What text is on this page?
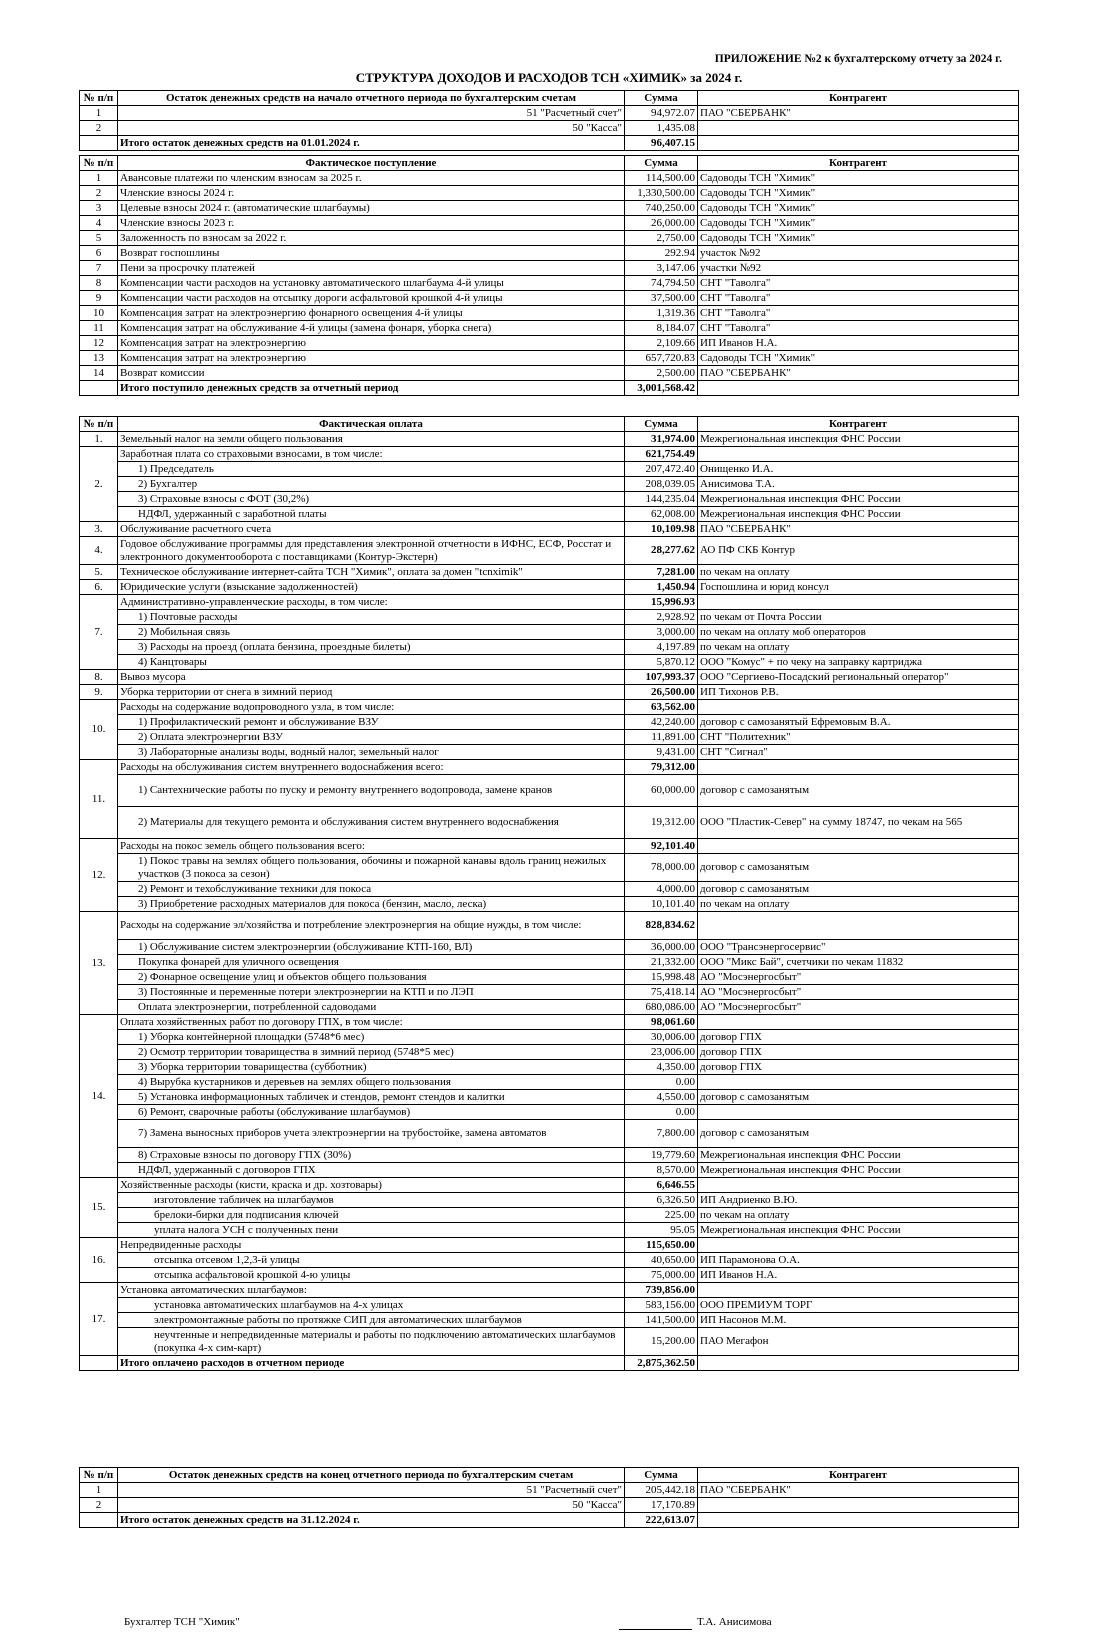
ПРИЛОЖЕНИЕ №2 к бухгалтерскому отчету за 2024 г.
СТРУКТУРА ДОХОДОВ И РАСХОДОВ ТСН «ХИМИК» за 2024 г.
№ п/п	Остаток денежных средств на начало отчетного периода по бухгалтерским счетам	Сумма	Контрагент
1	51 "Расчетный счет"	94,972.07	ПАО "СБЕРБАНК"
2	50 "Касса"	1,435.08	
	Итого остаток денежных средств на 01.01.2024 г.	96,407.15	
№ п/п	Фактическое поступление	Сумма	Контрагент
1	Авансовые платежи по членским взносам за 2025 г.	114,500.00	Садоводы ТСН "Химик"
2	Членские взносы 2024 г.	1,330,500.00	Садоводы ТСН "Химик"
3	Целевые взносы 2024 г. (автоматические шлагбаумы)	740,250.00	Садоводы ТСН "Химик"
4	Членские взносы 2023 г.	26,000.00	Садоводы ТСН "Химик"
5	Заложенность по взносам за 2022 г.	2,750.00	Садоводы ТСН "Химик"
6	Возврат госпошлины	292.94	участок №92
7	Пени за просрочку платежей	3,147.06	участки №92
8	Компенсации части расходов на установку автоматического шлагбаума 4-й улицы	74,794.50	СНТ "Таволга"
9	Компенсации части расходов на отсыпку дороги асфальтовой крошкой 4-й улицы	37,500.00	СНТ "Таволга"
10	Компенсация затрат на электроэнергию фонарного освещения 4-й улицы	1,319.36	СНТ "Таволга"
11	Компенсация затрат на обслуживание 4-й улицы (замена фонаря, уборка снега)	8,184.07	СНТ "Таволга"
12	Компенсация затрат на электроэнергию	2,109.66	ИП Иванов Н.А.
13	Компенсация затрат на электроэнергию	657,720.83	Садоводы ТСН "Химик"
14	Возврат комиссии	2,500.00	ПАО "СБЕРБАНК"
	Итого поступило денежных средств за отчетный период	3,001,568.42	
№ п/п	Фактическая оплата	Сумма	Контрагент
1.	Земельный налог на земли общего пользования	31,974.00	Межрегиональная инспекция ФНС России
2.	Заработная плата со страховыми взносами, в том числе:	621,754.49	
	1) Председатель	207,472.40	Онищенко И.А.
	2) Бухгалтер	208,039.05	Анисимова Т.А.
	3) Страховые взносы с ФОТ (30,2%)	144,235.04	Межрегиональная инспекция ФНС России
	НДФЛ, удержанный с заработной платы	62,008.00	Межрегиональная инспекция ФНС России
3.	Обслуживание расчетного счета	10,109.98	ПАО "СБЕРБАНК"
4.	Годовое обслуживание программы для представления электронной отчетности в ИФНС, ЕСФ, Росстат и электронного документооборота с поставщиками (Контур-Экстерн)	28,277.62	АО ПФ СКБ Контур
5.	Техническое обслуживание интернет-сайта ТСН "Химик", оплата за домен "tcnximik"	7,281.00	по чекам на оплату
6.	Юридические услуги (взыскание задолженностей)	1,450.94	Госпошлина и юрид консул
7.	Административно-управленческие расходы, в том числе:	15,996.93	
	1) Почтовые расходы	2,928.92	по чекам от Почта России
	2) Мобильная связь	3,000.00	по чекам на оплату моб операторов
	3) Расходы на проезд (оплата бензина, проездные билеты)	4,197.89	по чекам на оплату
	4) Канцтовары	5,870.12	ООО "Комус" + по чеку на заправку картриджа
8.	Вывоз мусора	107,993.37	ООО "Сергиево-Посадский региональный оператор"
9.	Уборка территории от снега в зимний период	26,500.00	ИП Тихонов Р.В.
10.	Расходы на содержание водопроводного узла, в том числе:	63,562.00	
	1) Профилактический ремонт и обслуживание ВЗУ	42,240.00	договор с самозанятый Ефремовым В.А.
	2) Оплата электроэнергии ВЗУ	11,891.00	СНТ "Политехник"
	3) Лабораторные анализы воды, водный налог, земельный налог	9,431.00	СНТ "Сигнал"
11.	Расходы на обслуживания систем внутреннего водоснабжения всего:	79,312.00	
	1) Сантехнические работы по пуску и ремонту внутреннего водопровода, замене кранов	60,000.00	договор с самозанятым
	2) Материалы для текущего ремонта и обслуживания систем внутреннего водоснабжения	19,312.00	ООО "Пластик-Север" на сумму 18747, по чекам на 565
12.	Расходы на покос земель общего пользования всего:	92,101.40	
	1) Покос травы на землях общего пользования, обочины и пожарной канавы вдоль границ нежилых участков (3 покоса за сезон)	78,000.00	договор с самозанятым
	2) Ремонт и техобслуживание техники для покоса	4,000.00	договор с самозанятым
	3) Приобретение расходных материалов для покоса (бензин, масло, леска)	10,101.40	по чекам на оплату
13.	Расходы на содержание эл/хозяйства и потребление электроэнергия на общие нужды, в том числе:	828,834.62	
	1) Обслуживание систем электроэнергии (обслуживание КТП-160, ВЛ)	36,000.00	ООО "Трансэнергосервис"
	Покупка фонарей для уличного освещения	21,332.00	ООО "Микс Бай", счетчики по чекам 11832
	2) Фонарное освещение улиц и объектов общего пользования	15,998.48	АО "Мосэнергосбыт"
	3) Постоянные и переменные потери электроэнергии на КТП и по ЛЭП	75,418.14	АО "Мосэнергосбыт"
	Оплата электроэнергии, потребленной садоводами	680,086.00	АО "Мосэнергосбыт"
14.	Оплата хозяйственных работ по договору ГПХ, в том числе:	98,061.60	
	1) Уборка контейнерной площадки (5748*6 мес)	30,006.00	договор ГПХ
	2) Осмотр территории товарищества в зимний период (5748*5 мес)	23,006.00	договор ГПХ
	3) Уборка территории товарищества (субботник)	4,350.00	договор ГПХ
	4) Вырубка кустарников и деревьев на землях общего пользования	0.00	
	5) Установка информационных табличек и стендов, ремонт стендов и калитки	4,550.00	договор с самозанятым
	6) Ремонт, сварочные работы (обслуживание шлагбаумов)	0.00	
	7) Замена выносных приборов учета электроэнергии на трубостойке, замена автоматов	7,800.00	договор с самозанятым
	8) Страховые взносы по договору ГПХ (30%)	19,779.60	Межрегиональная инспекция ФНС России
	НДФЛ, удержанный с договоров ГПХ	8,570.00	Межрегиональная инспекция ФНС России
15.	Хозяйственные расходы (кисти, краска и др. хозтовары)	6,646.55	
	изготовление табличек на шлагбаумов	6,326.50	ИП Андриенко В.Ю.
	брелоки-бирки для подписания ключей	225.00	по чекам на оплату
	уплата налога УСН с полученных пени	95.05	Межрегиональная инспекция ФНС России
16.	Непредвиденные расходы	115,650.00	
	отсыпка отсевом 1,2,3-й улицы	40,650.00	ИП Парамонова О.А.
	отсыпка асфальтовой крошкой 4-ю улицы	75,000.00	ИП Иванов Н.А.
17.	Установка автоматических шлагбаумов:	739,856.00	
	установка автоматических шлагбаумов на 4-х улицах	583,156.00	ООО ПРЕМИУМ ТОРГ
	электромонтажные работы по протяжке СИП для автоматических шлагбаумов	141,500.00	ИП Насонов М.М.
	неучтенные и непредвиденные материалы и работы по подключению автоматических шлагбаумов (покупка 4-х сим-карт)	15,200.00	ПАО Мегафон
	Итого оплачено расходов в отчетном периоде	2,875,362.50	
№ п/п	Остаток денежных средств на конец отчетного периода по бухгалтерским счетам	Сумма	Контрагент
1	51 "Расчетный счет"	205,442.18	ПАО "СБЕРБАНК"
2	50 "Касса"	17,170.89	
	Итого остаток денежных средств на 31.12.2024 г.	222,613.07	
Бухгалтер ТСН "Химик"	Т.А. Анисимова
